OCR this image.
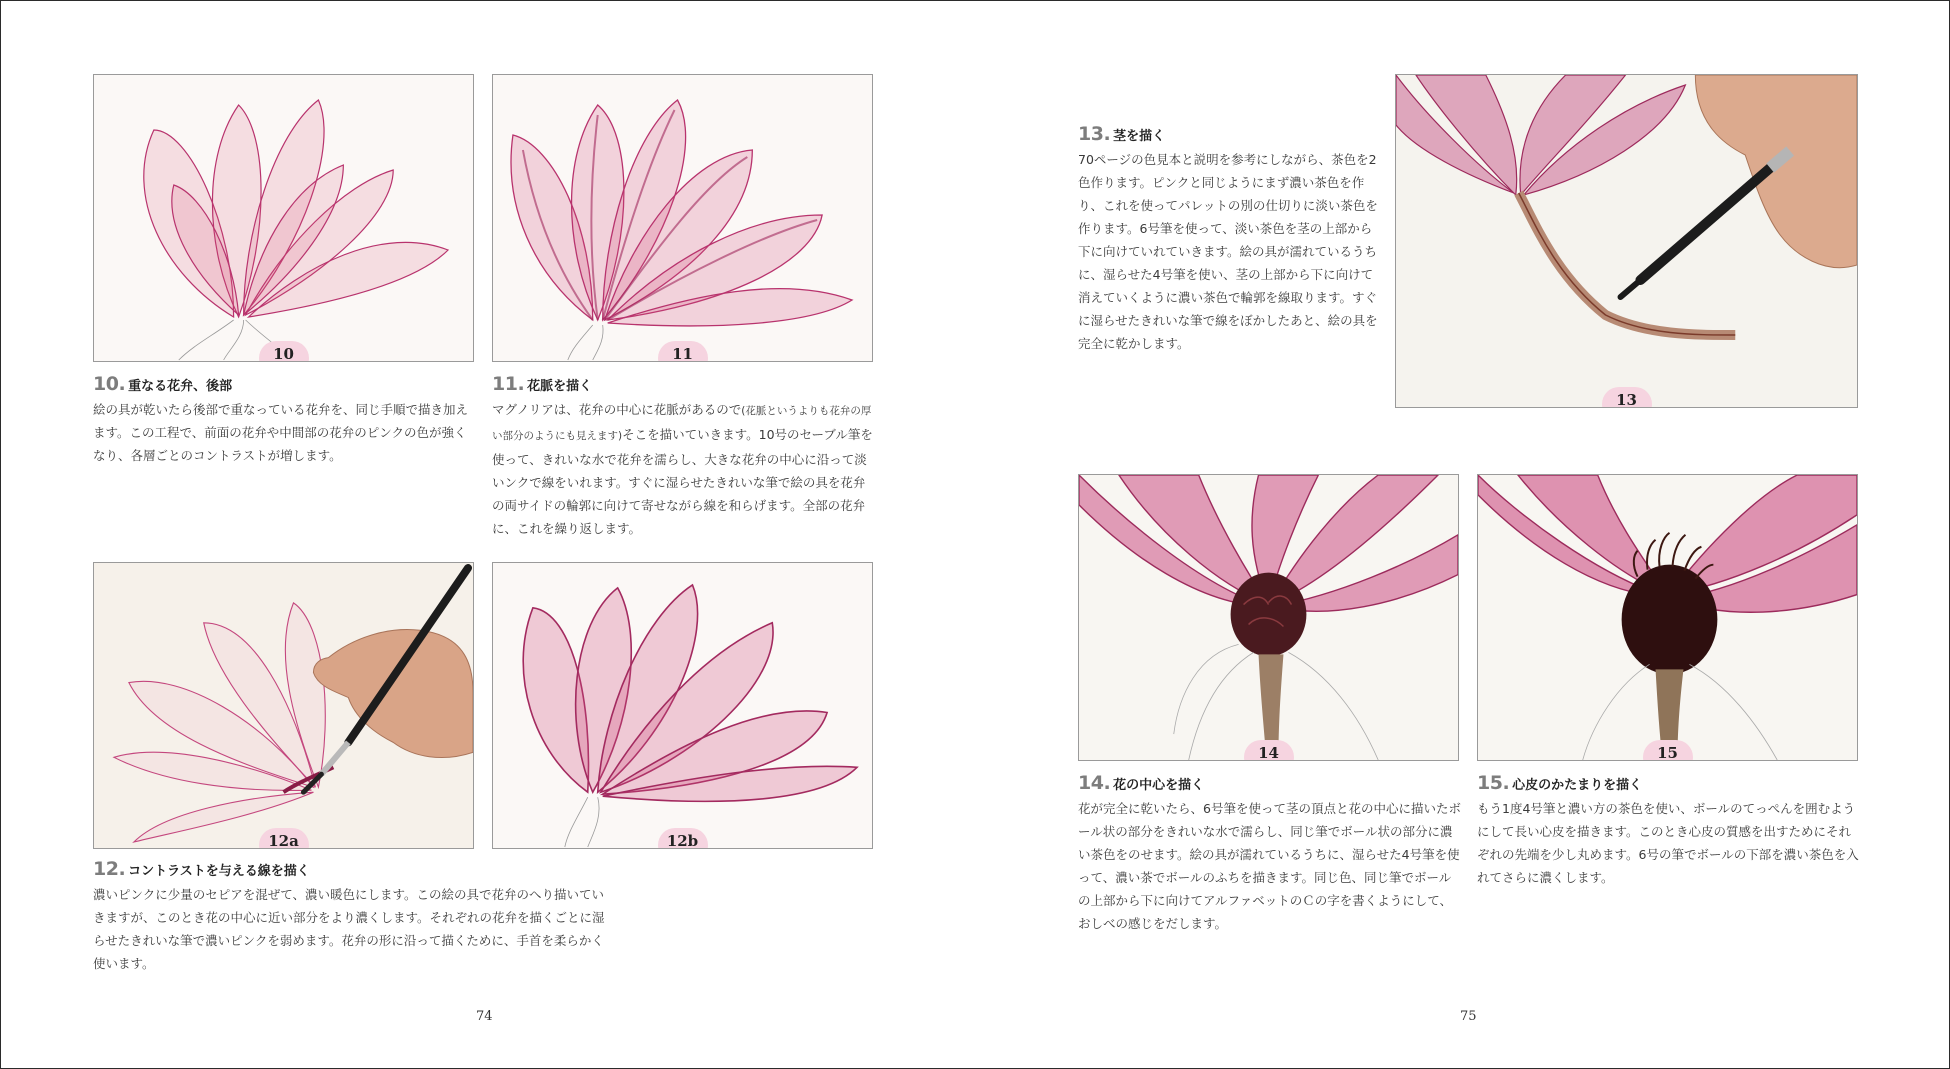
10	11

10. 重なる花弁、後部

絵の具が乾いたら後部で重なっている花弁を、同じ手順で描き加えます。この工程で、前面の花弁や中間部の花弁のピンクの色が強くなり、各層ごとのコントラストが増します。

11. 花脈を描く

マグノリアは、花弁の中心に花脈があるので(花脈というよりも花弁の厚い部分のようにも見えます)そこを描いていきます。10号のセーブル筆を使って、きれいな水で花弁を濡らし、大きな花弁の中心に沿って淡いンクで線をいれます。すぐに湿らせたきれいな筆で絵の具を花弁の両サイドの輪郭に向けて寄せながら線を和らげます。全部の花弁に、これを繰り返します。

12a	12b

12. コントラストを与える線を描く

濃いピンクに少量のセピアを混ぜて、濃い暖色にします。この絵の具で花弁のへり描いていきますが、このとき花の中心に近い部分をより濃くします。それぞれの花弁を描くごとに湿らせたきれいな筆で濃いピンクを弱めます。花弁の形に沿って描くために、手首を柔らかく使います。

74

13. 茎を描く

70ページの色見本と説明を参考にしながら、茶色を2色作ります。ピンクと同じようにまず濃い茶色を作り、これを使ってパレットの別の仕切りに淡い茶色を作ります。6号筆を使って、淡い茶色を茎の上部から下に向けていれていきます。絵の具が濡れているうちに、湿らせた4号筆を使い、茎の上部から下に向けて消えていくように濃い茶色で輪郭を線取ります。すぐに湿らせたきれいな筆で線をぼかしたあと、絵の具を完全に乾かします。

13
14	15

14. 花の中心を描く

花が完全に乾いたら、6号筆を使って茎の頂点と花の中心に描いたボール状の部分をきれいな水で濡らし、同じ筆でボール状の部分に濃い茶色をのせます。絵の具が濡れているうちに、湿らせた4号筆を使って、濃い茶でボールのふちを描きます。同じ色、同じ筆でボールの上部から下に向けてアルファベットのＣの字を書くようにして、おしべの感じをだします。

15. 心皮のかたまりを描く

もう1度4号筆と濃い方の茶色を使い、ボールのてっぺんを囲むようにして長い心皮を描きます。このとき心皮の質感を出すためにそれぞれの先端を少し丸めます。6号の筆でボールの下部を濃い茶色を入れてさらに濃くします。

75
